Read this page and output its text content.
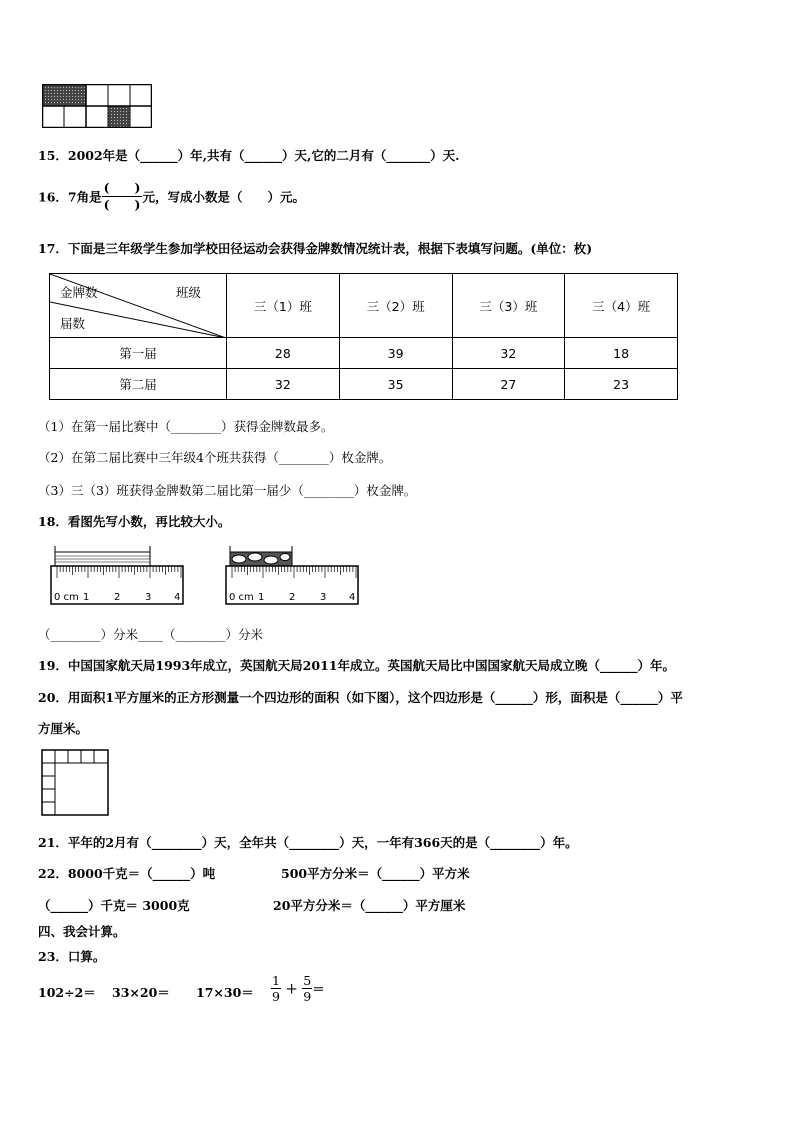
15．2002年是（______）年,共有（______）天,它的二月有（_______）天.
16．7角是 $\frac{( )}{( )}$ 元，写成小数是（　　）元。
17．下面是三年级学生参加学校田径运动会获得金牌数情况统计表，根据下表填写问题。(单位：枚)
金牌数 班级
届数	三（1）班	三（2）班	三（3）班	三（4）班
第一届	28	39	32	18
第二届	32	35	27	23
（1）在第一届比赛中（________）获得金牌数最多。
（2）在第二届比赛中三年级4个班共获得（________）枚金牌。
（3）三（3）班获得金牌数第二届比第一届少（________）枚金牌。
18．看图先写小数，再比较大小。
0 cm 1 2 3 4	0 cm 1 2 3 4
（________）分米____（________）分米
19．中国国家航天局1993年成立，英国航天局2011年成立。英国航天局比中国国家航天局成立晚（______）年。
20．用面积1平方厘米的正方形测量一个四边形的面积（如下图），这个四边形是（______）形，面积是（______）平
方厘米。
21．平年的2月有（________）天，全年共（________）天，一年有366天的是（________）年。
22．8000千克＝（______）吨	500平方分米＝（______）平方米
（______）千克＝ 3000克	20平方分米＝（______）平方厘米
四、我会计算。
23．口算。
$102\div 2= 33\times 20= 17\times 30= \frac{1}{9} + \frac{5}{9}$ ＝
